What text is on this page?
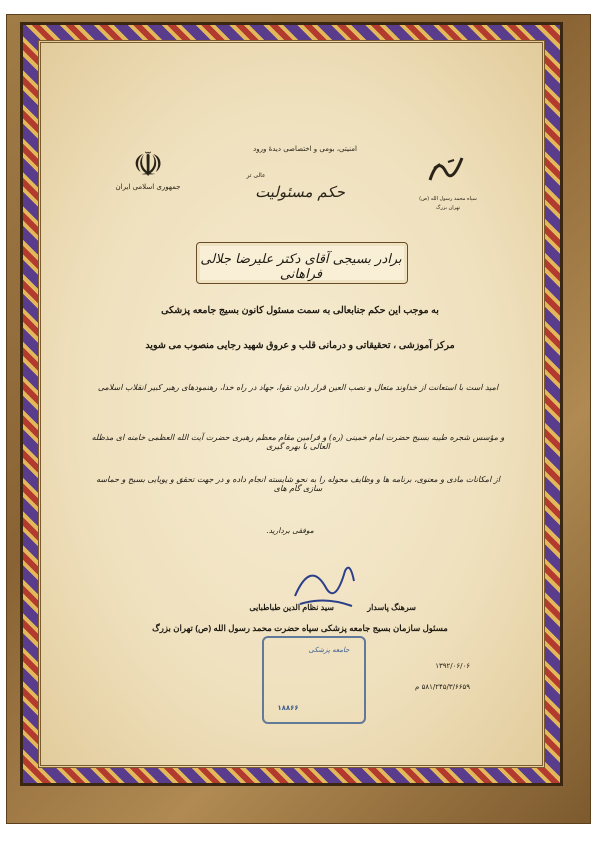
☫
جمهوری اسلامی ایران
سپاه محمد رسول الله (ص)
تهران بزرگ
امنیتی، بومی و اختصاصی دیدهٔ ورود
عالی تر
حکم مسئولیت
برادر بسیجی آقای دکتر علیرضا جلالی فراهانی
به موجب این حکم جنابعالی به سمت مسئول کانون بسیج جامعه پزشکی
مرکز آموزشی ، تحقیقاتی و درمانی قلب و عروق شهید رجایی منصوب می شوید
امید است با استعانت از خداوند متعال و نصب العین قرار دادن تقوا، جهاد در راه خدا، رهنمودهای رهبر کبیر انقلاب اسلامی
و مؤسس شجره طیبه بسیج حضرت امام خمینی (ره) و فرامین مقام معظم رهبری حضرت آیت الله العظمی خامنه ای مدظله العالی با بهره گیری
از امکانات مادی و معنوی، برنامه ها و وظایف محوله را به نحو شایسته انجام داده و در جهت تحقق و پویایی بسیج و حماسه سازی گام های
موفقی بردارید.
سرهنگ پاسدار
سید نظام الدین طباطبایی
مسئول سازمان بسیج جامعه پزشکی سپاه حضرت محمد رسول الله (ص) تهران بزرگ
جامعه پزشکی
۱۸۸۶۶
۱۳۹۲/۰۶/۰۶
۵۸۱/۲۴۵/۳/۶۶۵۹ م
